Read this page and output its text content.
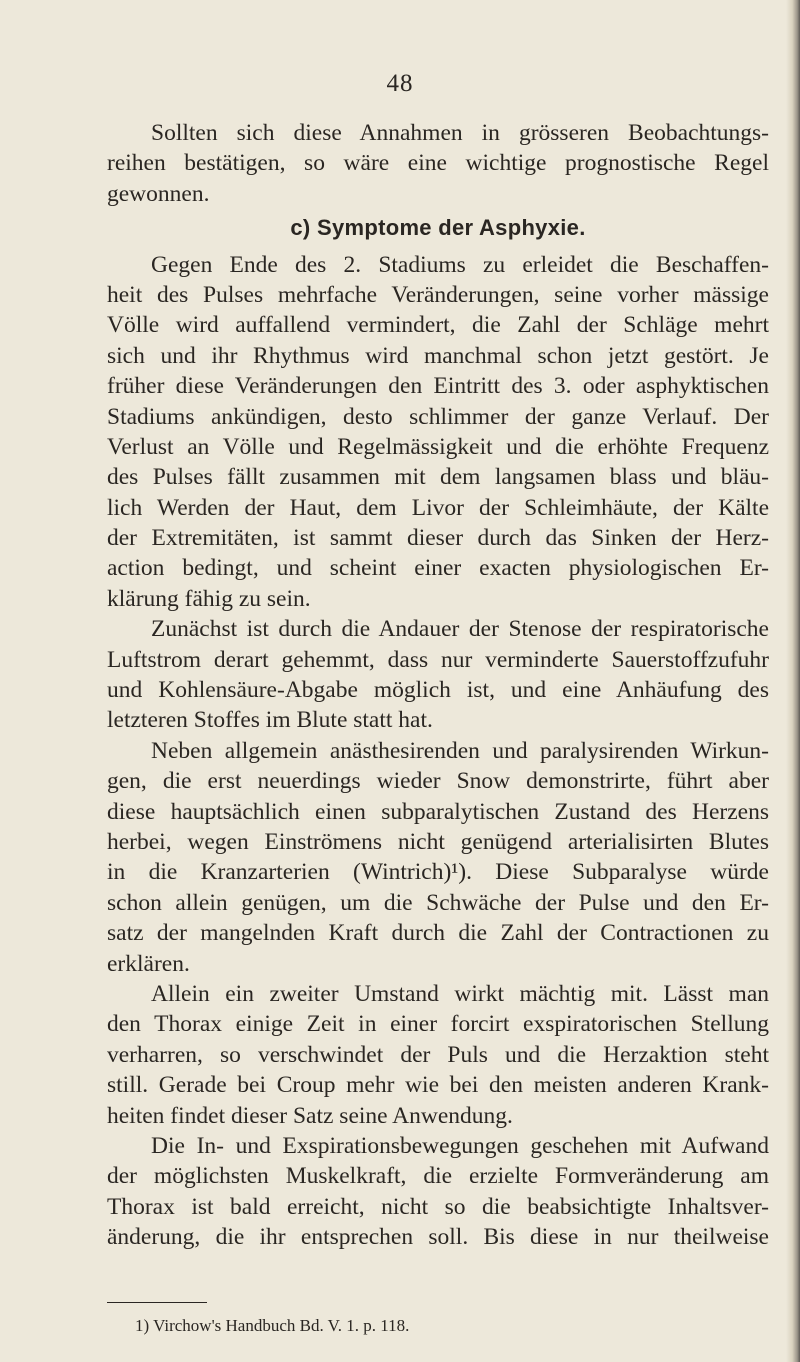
48
Sollten sich diese Annahmen in grösseren Beobachtungs-
reihen bestätigen, so wäre eine wichtige prognostische Regel
gewonnen.
c) Symptome der Asphyxie.
Gegen Ende des 2. Stadiums zu erleidet die Beschaffen-
heit des Pulses mehrfache Veränderungen, seine vorher mässige
Völle wird auffallend vermindert, die Zahl der Schläge mehrt
sich und ihr Rhythmus wird manchmal schon jetzt gestört. Je
früher diese Veränderungen den Eintritt des 3. oder asphyktischen
Stadiums ankündigen, desto schlimmer der ganze Verlauf. Der
Verlust an Völle und Regelmässigkeit und die erhöhte Frequenz
des Pulses fällt zusammen mit dem langsamen blass und bläu-
lich Werden der Haut, dem Livor der Schleimhäute, der Kälte
der Extremitäten, ist sammt dieser durch das Sinken der Herz-
action bedingt, und scheint einer exacten physiologischen Er-
klärung fähig zu sein.
Zunächst ist durch die Andauer der Stenose der respiratorische
Luftstrom derart gehemmt, dass nur verminderte Sauerstoffzufuhr
und Kohlensäure-Abgabe möglich ist, und eine Anhäufung des
letzteren Stoffes im Blute statt hat.
Neben allgemein anästhesirenden und paralysirenden Wirkun-
gen, die erst neuerdings wieder Snow demonstrirte, führt aber
diese hauptsächlich einen subparalytischen Zustand des Herzens
herbei, wegen Einströmens nicht genügend arterialisirten Blutes
in die Kranzarterien (Wintrich)¹). Diese Subparalyse würde
schon allein genügen, um die Schwäche der Pulse und den Er-
satz der mangelnden Kraft durch die Zahl der Contractionen zu
erklären.
Allein ein zweiter Umstand wirkt mächtig mit. Lässt man
den Thorax einige Zeit in einer forcirt exspiratorischen Stellung
verharren, so verschwindet der Puls und die Herzaktion steht
still. Gerade bei Croup mehr wie bei den meisten anderen Krank-
heiten findet dieser Satz seine Anwendung.
Die In- und Exspirationsbewegungen geschehen mit Aufwand
der möglichsten Muskelkraft, die erzielte Formveränderung am
Thorax ist bald erreicht, nicht so die beabsichtigte Inhaltsver-
änderung, die ihr entsprechen soll. Bis diese in nur theilweise
1) Virchow's Handbuch Bd. V. 1. p. 118.
